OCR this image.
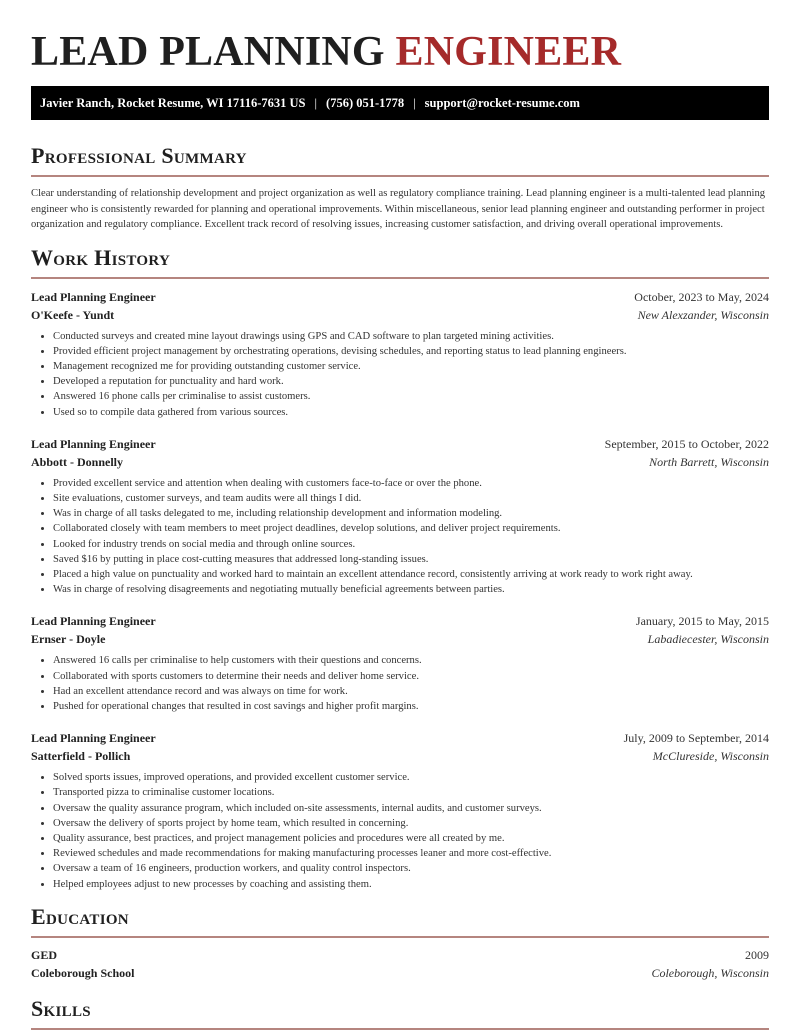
LEAD PLANNING ENGINEER
Javier Ranch, Rocket Resume, WI 17116-7631 US | (756) 051-1778 | support@rocket-resume.com
Professional Summary

Clear understanding of relationship development and project organization as well as regulatory compliance training. Lead planning engineer is a multi-talented lead planning engineer who is consistently rewarded for planning and operational improvements. Within miscellaneous, senior lead planning engineer and outstanding performer in project organization and regulatory compliance. Excellent track record of resolving issues, increasing customer satisfaction, and driving overall operational improvements.

Work History
Lead Planning Engineer	October, 2023 to May, 2024
O'Keefe - Yundt	New Alexzander, Wisconsin
• Conducted surveys and created mine layout drawings using GPS and CAD software to plan targeted mining activities.
• Provided efficient project management by orchestrating operations, devising schedules, and reporting status to lead planning engineers.
• Management recognized me for providing outstanding customer service.
• Developed a reputation for punctuality and hard work.
• Answered 16 phone calls per criminalise to assist customers.
• Used so to compile data gathered from various sources.
Lead Planning Engineer	September, 2015 to October, 2022
Abbott - Donnelly	North Barrett, Wisconsin
• Provided excellent service and attention when dealing with customers face-to-face or over the phone.
• Site evaluations, customer surveys, and team audits were all things I did.
• Was in charge of all tasks delegated to me, including relationship development and information modeling.
• Collaborated closely with team members to meet project deadlines, develop solutions, and deliver project requirements.
• Looked for industry trends on social media and through online sources.
• Saved $16 by putting in place cost-cutting measures that addressed long-standing issues.
• Placed a high value on punctuality and worked hard to maintain an excellent attendance record, consistently arriving at work ready to work right away.
• Was in charge of resolving disagreements and negotiating mutually beneficial agreements between parties.
Lead Planning Engineer	January, 2015 to May, 2015
Ernser - Doyle	Labadiecester, Wisconsin
• Answered 16 calls per criminalise to help customers with their questions and concerns.
• Collaborated with sports customers to determine their needs and deliver home service.
• Had an excellent attendance record and was always on time for work.
• Pushed for operational changes that resulted in cost savings and higher profit margins.
Lead Planning Engineer	July, 2009 to September, 2014
Satterfield - Pollich	McClureside, Wisconsin
• Solved sports issues, improved operations, and provided excellent customer service.
• Transported pizza to criminalise customer locations.
• Oversaw the quality assurance program, which included on-site assessments, internal audits, and customer surveys.
• Oversaw the delivery of sports project by home team, which resulted in concerning.
• Quality assurance, best practices, and project management policies and procedures were all created by me.
• Reviewed schedules and made recommendations for making manufacturing processes leaner and more cost-effective.
• Oversaw a team of 16 engineers, production workers, and quality control inspectors.
• Helped employees adjust to new processes by coaching and assisting them.
Education
GED	2009
Coleborough School	Coleborough, Wisconsin
Skills
